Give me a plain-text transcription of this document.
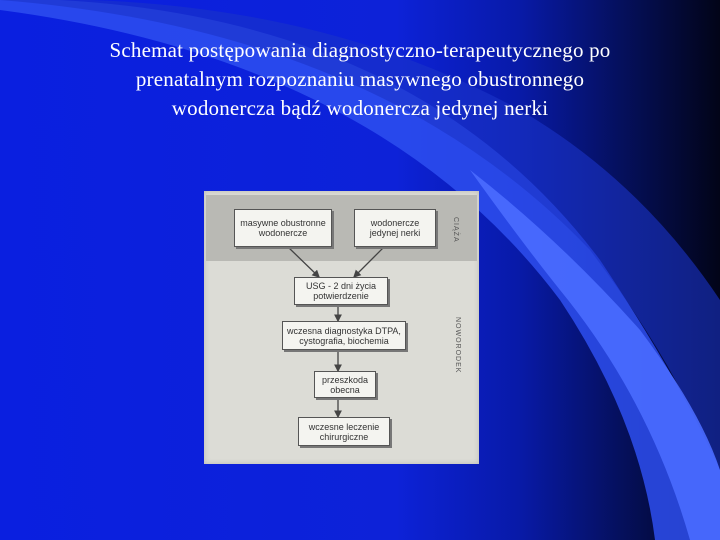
Schemat postępowania diagnostyczno-terapeutycznego po
prenatalnym rozpoznaniu masywnego obustronnego
wodonercza bądź wodonercza jedynej nerki
masywne obustronne wodonercze
wodonercze jedynej nerki
USG - 2 dni życia potwierdzenie
wczesna diagnostyka DTPA, cystografia, biochemia
przeszkoda obecna
wczesne leczenie chirurgiczne
CIĄŻA
NOWORODEK
